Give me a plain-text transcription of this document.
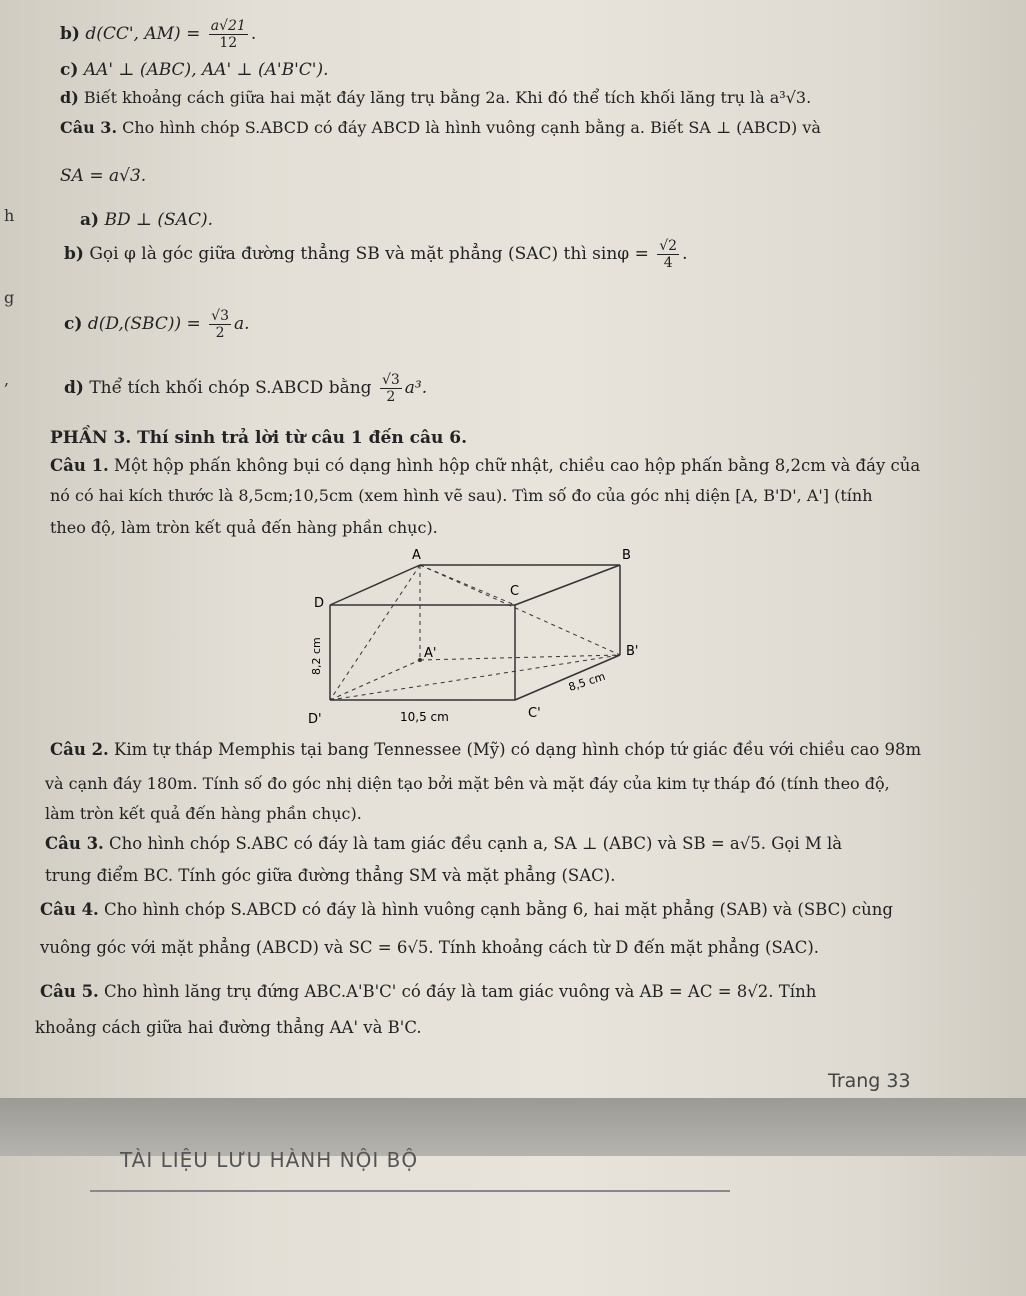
b) d(CC', $AM) = \frac{a√21}{12}$ .
c) AA' ⊥ (ABC), AA' ⊥ (A'B'C').
d) Biết khoảng cách giữa hai mặt đáy lăng trụ bằng 2a. Khi đó thể tích khối lăng trụ là a³√3.
Câu 3. Cho hình chóp S.ABCD có đáy ABCD là hình vuông cạnh bằng a. Biết SA ⊥ (ABCD) và
SA = a√3.
h	a) BD ⊥ (SAC).
b) Gọi φ là góc giữa đường thẳng SB và mặt phẳng (SAC) thì $\sin\varphi = \frac{√2}{4}$ .
g
c) $d(D,(SBC)) = \frac{√3}{2} a$.
,	d) Thể tích khối chóp S.ABCD bằng $\frac{√3}{2} a^3$.
PHẦN 3. Thí sinh trả lời từ câu 1 đến câu 6.
Câu 1. Một hộp phấn không bụi có dạng hình hộp chữ nhật, chiều cao hộp phấn bằng 8,2cm và đáy của
nó có hai kích thước là 8,5cm;10,5cm (xem hình vẽ sau). Tìm số đo của góc nhị diện [A, B'D', A'] (tính
theo độ, làm tròn kết quả đến hàng phần chục).
A	B
C
D
A'	B'
C'
D'	10,5 cm
8,5 cm
8,2 cm
Câu 2. Kim tự tháp Memphis tại bang Tennessee (Mỹ) có dạng hình chóp tứ giác đều với chiều cao 98m
và cạnh đáy 180m. Tính số đo góc nhị diện tạo bởi mặt bên và mặt đáy của kim tự tháp đó (tính theo độ,
làm tròn kết quả đến hàng phần chục).
Câu 3. Cho hình chóp S.ABC có đáy là tam giác đều cạnh a, SA ⊥ (ABC) và SB = a√5. Gọi M là
trung điểm BC. Tính góc giữa đường thẳng SM và mặt phẳng (SAC).
Câu 4. Cho hình chóp S.ABCD có đáy là hình vuông cạnh bằng 6, hai mặt phẳng (SAB) và (SBC) cùng
vuông góc với mặt phẳng (ABCD) và SC = 6√5. Tính khoảng cách từ D đến mặt phẳng (SAC).
Câu 5. Cho hình lăng trụ đứng ABC.A'B'C' có đáy là tam giác vuông và AB = AC = 8√2. Tính
khoảng cách giữa hai đường thẳng AA' và B'C.
Trang 33
TÀI LIỆU LƯU HÀNH NỘI BỘ
